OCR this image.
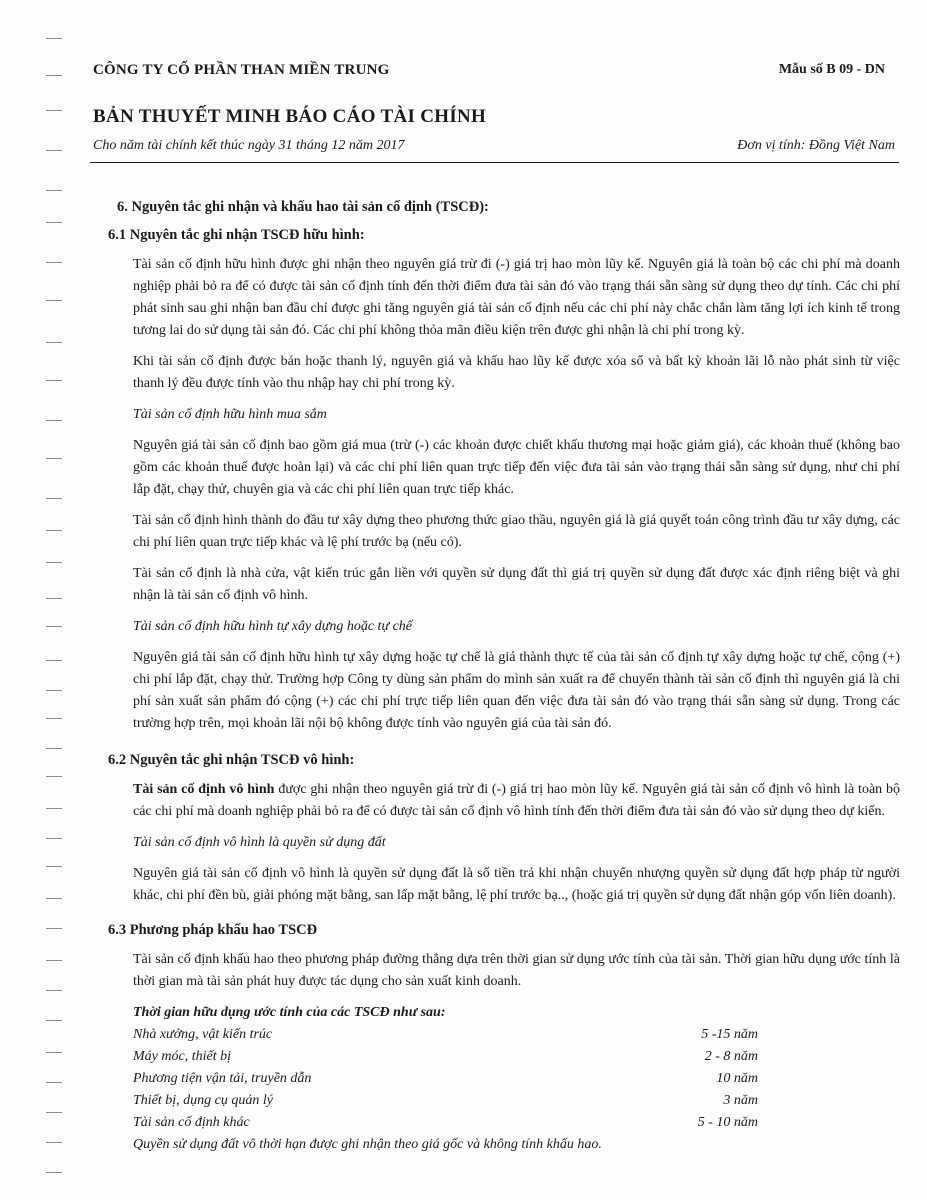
CÔNG TY CỔ PHẦN THAN MIỀN TRUNG	Mẫu số B 09 - DN
BẢN THUYẾT MINH BÁO CÁO TÀI CHÍNH
Cho năm tài chính kết thúc ngày 31 tháng 12 năm 2017	Đơn vị tính: Đồng Việt Nam

6. Nguyên tắc ghi nhận và khấu hao tài sản cố định (TSCĐ):

6.1 Nguyên tắc ghi nhận TSCĐ hữu hình:

Tài sản cố định hữu hình được ghi nhận theo nguyên giá trừ đi (-) giá trị hao mòn lũy kế. Nguyên giá là toàn bộ các chi phí mà doanh nghiệp phải bỏ ra để có được tài sản cố định tính đến thời điểm đưa tài sản đó vào trạng thái sẵn sàng sử dụng theo dự tính. Các chi phí phát sinh sau ghi nhận ban đầu chỉ được ghi tăng nguyên giá tài sản cố định nếu các chi phí này chắc chắn làm tăng lợi ích kinh tế trong tương lai do sử dụng tài sản đó. Các chi phí không thỏa mãn điều kiện trên được ghi nhận là chi phí trong kỳ.

Khi tài sản cố định được bán hoặc thanh lý, nguyên giá và khấu hao lũy kế được xóa sổ và bất kỳ khoản lãi lỗ nào phát sinh từ việc thanh lý đều được tính vào thu nhập hay chi phí trong kỳ.

Tài sản cố định hữu hình mua sắm

Nguyên giá tài sản cố định bao gồm giá mua (trừ (-) các khoản được chiết khấu thương mại hoặc giảm giá), các khoản thuế (không bao gồm các khoản thuế được hoàn lại) và các chi phí liên quan trực tiếp đến việc đưa tài sản vào trạng thái sẵn sàng sử dụng, như chi phí lắp đặt, chạy thử, chuyên gia và các chi phí liên quan trực tiếp khác.

Tài sản cố định hình thành do đầu tư xây dựng theo phương thức giao thầu, nguyên giá là giá quyết toán công trình đầu tư xây dựng, các chi phí liên quan trực tiếp khác và lệ phí trước bạ (nếu có).

Tài sản cố định là nhà cửa, vật kiến trúc gắn liền với quyền sử dụng đất thì giá trị quyền sử dụng đất được xác định riêng biệt và ghi nhận là tài sản cố định vô hình.

Tài sản cố định hữu hình tự xây dựng hoặc tự chế

Nguyên giá tài sản cố định hữu hình tự xây dựng hoặc tự chế là giá thành thực tế của tài sản cố định tự xây dựng hoặc tự chế, cộng (+) chi phí lắp đặt, chạy thử. Trường hợp Công ty dùng sản phẩm do mình sản xuất ra để chuyển thành tài sản cố định thì nguyên giá là chi phí sản xuất sản phẩm đó cộng (+) các chi phí trực tiếp liên quan đến việc đưa tài sản đó vào trạng thái sẵn sàng sử dụng. Trong các trường hợp trên, mọi khoản lãi nội bộ không được tính vào nguyên giá của tài sản đó.

6.2 Nguyên tắc ghi nhận TSCĐ vô hình:

Tài sản cố định vô hình được ghi nhận theo nguyên giá trừ đi (-) giá trị hao mòn lũy kế. Nguyên giá tài sản cố định vô hình là toàn bộ các chi phí mà doanh nghiệp phải bỏ ra để có được tài sản cố định vô hình tính đến thời điểm đưa tài sản đó vào sử dụng theo dự kiến.

Tài sản cố định vô hình là quyền sử dụng đất

Nguyên giá tài sản cố định vô hình là quyền sử dụng đất là số tiền trả khi nhận chuyển nhượng quyền sử dụng đất hợp pháp từ người khác, chi phí đền bù, giải phóng mặt bằng, san lấp mặt bằng, lệ phí trước bạ.., (hoặc giá trị quyền sử dụng đất nhận góp vốn liên doanh).

6.3 Phương pháp khấu hao TSCĐ

Tài sản cố định khấu hao theo phương pháp đường thẳng dựa trên thời gian sử dụng ước tính của tài sản. Thời gian hữu dụng ước tính là thời gian mà tài sản phát huy được tác dụng cho sản xuất kinh doanh.

Thời gian hữu dụng ước tính của các TSCĐ như sau:
Nhà xưởng, vật kiến trúc	5 -15 năm
Máy móc, thiết bị	2 - 8 năm
Phương tiện vận tải, truyền dẫn	10 năm
Thiết bị, dụng cụ quản lý	3 năm
Tài sản cố định khác	5 - 10 năm

Quyền sử dụng đất vô thời hạn được ghi nhận theo giá gốc và không tính khấu hao.
